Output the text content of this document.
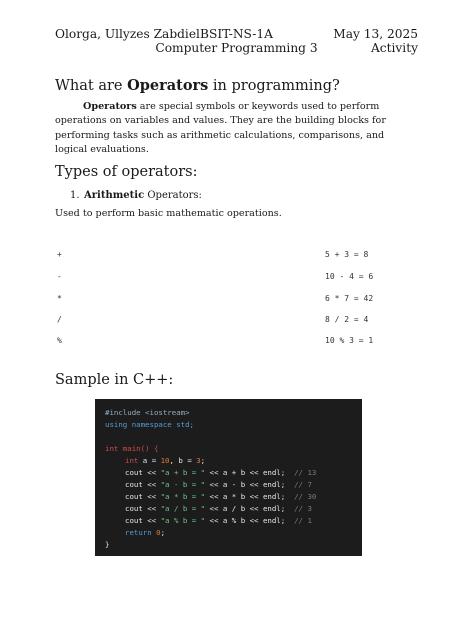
Olorga, Ullyzes Zabdiel BSIT-NS-1A
Computer Programming 3
May 13, 2025
Activity
What are Operators in programming?
Operators are special symbols or keywords used to perform operations on variables and values. They are the building blocks for performing tasks such as arithmetic calculations, comparisons, and logical evaluations.
Types of operators:
1. Arithmetic Operators:
Used to perform basic mathematic operations.
+	5 + 3 = 8
-	10 - 4 = 6
*	6 * 7 = 42
/	8 / 2 = 4
%	10 % 3 = 1
Sample in C++:

#include <iostream>

using namespace std;

int main() {

int a = 10, b = 3;

cout << "a + b = " << a + b << endl;  // 13

cout << "a - b = " << a - b << endl;  // 7

cout << "a * b = " << a * b << endl;  // 30

cout << "a / b = " << a / b << endl;  // 3

cout << "a % b = " << a % b << endl;  // 1

return 0;

}
